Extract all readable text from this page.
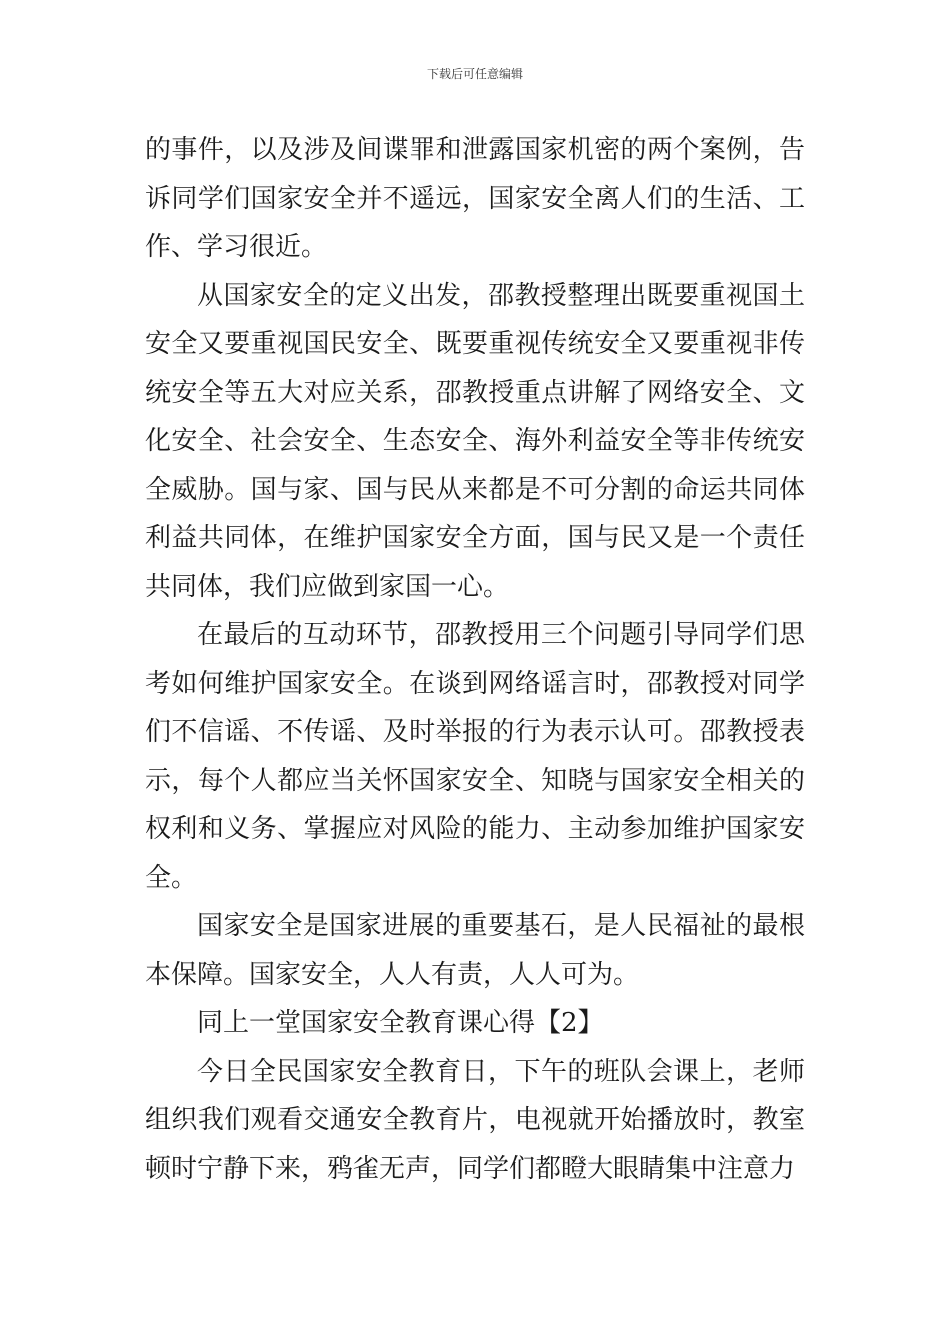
下载后可任意编辑

的事件，以及涉及间谍罪和泄露国家机密的两个案例，告诉同学们国家安全并不遥远，国家安全离人们的生活、工作、学习很近。

从国家安全的定义出发，邵教授整理出既要重视国土安全又要重视国民安全、既要重视传统安全又要重视非传统安全等五大对应关系，邵教授重点讲解了网络安全、文化安全、社会安全、生态安全、海外利益安全等非传统安全威胁。国与家、国与民从来都是不可分割的命运共同体利益共同体，在维护国家安全方面，国与民又是一个责任共同体，我们应做到家国一心。

在最后的互动环节，邵教授用三个问题引导同学们思考如何维护国家安全。在谈到网络谣言时，邵教授对同学们不信谣、不传谣、及时举报的行为表示认可。邵教授表示，每个人都应当关怀国家安全、知晓与国家安全相关的权利和义务、掌握应对风险的能力、主动参加维护国家安全。

国家安全是国家进展的重要基石，是人民福祉的最根本保障。国家安全，人人有责，人人可为。

同上一堂国家安全教育课心得【2】

今日全民国家安全教育日，下午的班队会课上，老师组织我们观看交通安全教育片，电视就开始播放时，教室顿时宁静下来，鸦雀无声，同学们都瞪大眼睛集中注意力
